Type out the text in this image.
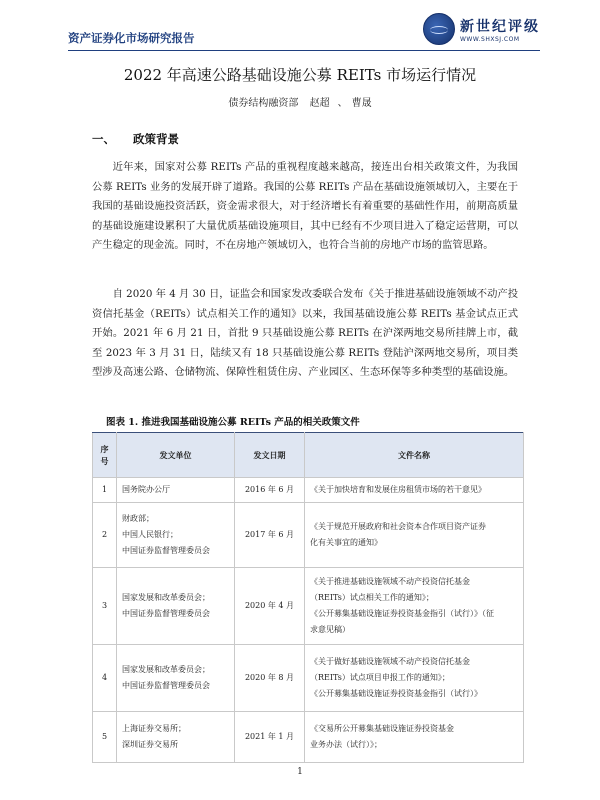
资产证券化市场研究报告
新世纪评级
WWW.SHXSJ.COM
2022 年高速公路基础设施公募 REITs 市场运行情况
债券结构融资部 赵超 、 曹晟
一、 政策背景

近年来，国家对公募 REITs 产品的重视程度越来越高，接连出台相关政策文件，为我国公募 REITs 业务的发展开辟了道路。我国的公募 REITs 产品在基础设施领域切入，主要在于我国的基础设施投资活跃，资金需求很大，对于经济增长有着重要的基础性作用，前期高质量的基础设施建设累积了大量优质基础设施项目，其中已经有不少项目进入了稳定运营期，可以产生稳定的现金流。同时，不在房地产领域切入，也符合当前的房地产市场的监管思路。

自 2020 年 4 月 30 日，证监会和国家发改委联合发布《关于推进基础设施领域不动产投资信托基金（REITs）试点相关工作的通知》以来，我国基础设施公募 REITs 基金试点正式开始。2021 年 6 月 21 日，首批 9 只基础设施公募 REITs 在沪深两地交易所挂牌上市，截至 2023 年 3 月 31 日，陆续又有 18 只基础设施公募 REITs 登陆沪深两地交易所，项目类型涉及高速公路、仓储物流、保障性租赁住房、产业园区、生态环保等多种类型的基础设施。

图表 1. 推进我国基础设施公募 REITs 产品的相关政策文件
序号	发文单位	发文日期	文件名称
1	国务院办公厅	2016 年 6 月	《关于加快培育和发展住房租赁市场的若干意见》

2	财政部；
中国人民银行；
中国证券监督管理委员会	2017 年 6 月	《关于规范开展政府和社会资本合作项目资产证券
化有关事宜的通知》

3	国家发展和改革委员会；
中国证券监督管理委员会	2020 年 4 月	《关于推进基础设施领域不动产投资信托基金
（REITs）试点相关工作的通知》；
《公开募集基础设施证券投资基金指引（试行）》（征
求意见稿）

4	国家发展和改革委员会；
中国证券监督管理委员会	2020 年 8 月	《关于做好基础设施领域不动产投资信托基金
（REITs）试点项目申报工作的通知》；
《公开募集基础设施证券投资基金指引（试行）》

5	上海证券交易所；
深圳证券交易所	2021 年 1 月	《交易所公开募集基础设施证券投资基金
业务办法（试行）》；
1
